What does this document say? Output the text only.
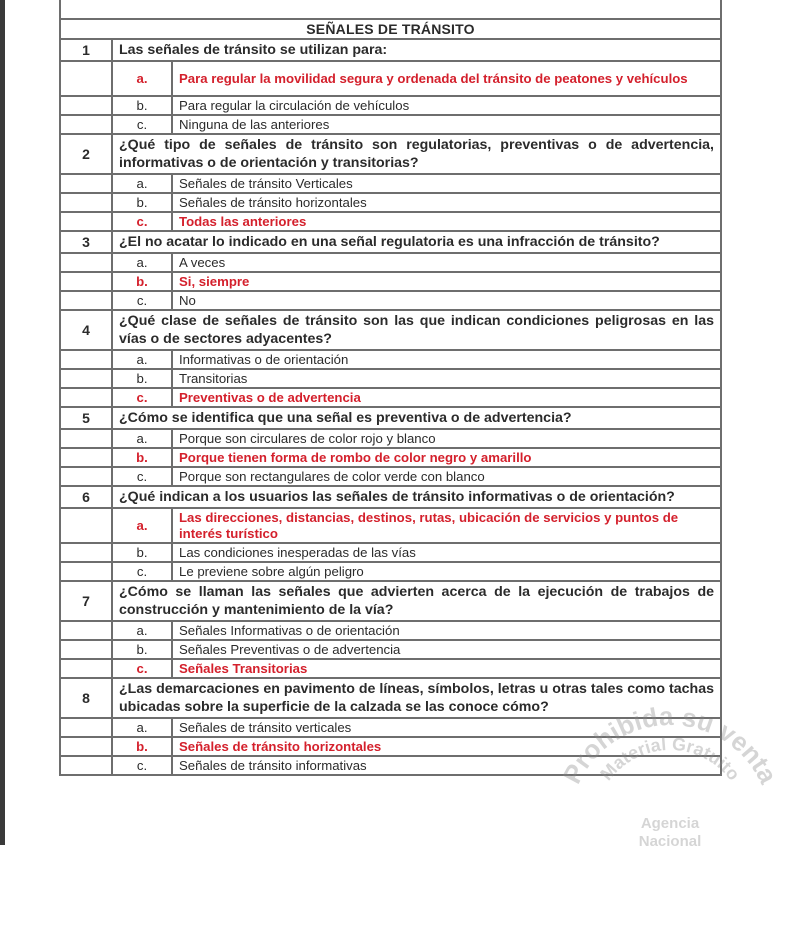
SEÑALES DE TRÁNSITO		
1	Las señales de tránsito se utilizan para:	
	a.	Para regular la movilidad segura y ordenada del tránsito de peatones y vehículos
	b.	Para regular la circulación de vehículos
	c.	Ninguna de las anteriores
2	¿Qué tipo de señales de tránsito son regulatorias, preventivas o de advertencia, informativas o de orientación y transitorias?	
	a.	Señales de tránsito Verticales
	b.	Señales de tránsito horizontales
	c.	Todas las anteriores
3	¿El no acatar lo indicado en una señal regulatoria es una infracción de tránsito?	
	a.	A veces
	b.	Si, siempre
	c.	No
4	¿Qué clase de señales de tránsito son las que indican condiciones peligrosas en las vías o de sectores adyacentes?	
	a.	Informativas o de orientación
	b.	Transitorias
	c.	Preventivas o de advertencia
5	¿Cómo se identifica que una señal es preventiva o de advertencia?	
	a.	Porque son circulares de color rojo y blanco
	b.	Porque tienen forma de rombo de color negro y amarillo
	c.	Porque son rectangulares de color verde con blanco
6	¿Qué indican a los usuarios las señales de tránsito informativas o de orientación?	
	a.	Las direcciones, distancias, destinos, rutas, ubicación de servicios y puntos de interés turístico
	b.	Las condiciones inesperadas de las vías
	c.	Le previene sobre algún peligro
7	¿Cómo se llaman las señales que advierten acerca de la ejecución de trabajos de construcción y mantenimiento de la vía?	
	a.	Señales Informativas o de orientación
	b.	Señales Preventivas o de advertencia
	c.	Señales Transitorias
8	¿Las demarcaciones en pavimento de líneas, símbolos, letras u otras tales como tachas ubicadas sobre la superficie de la calzada se las conoce cómo?	
	a.	Señales de tránsito verticales
	b.	Señales de tránsito horizontales
	c.	Señales de tránsito informativas	Prohibida su venta
Material Gratuito
Agencia
Nacional
